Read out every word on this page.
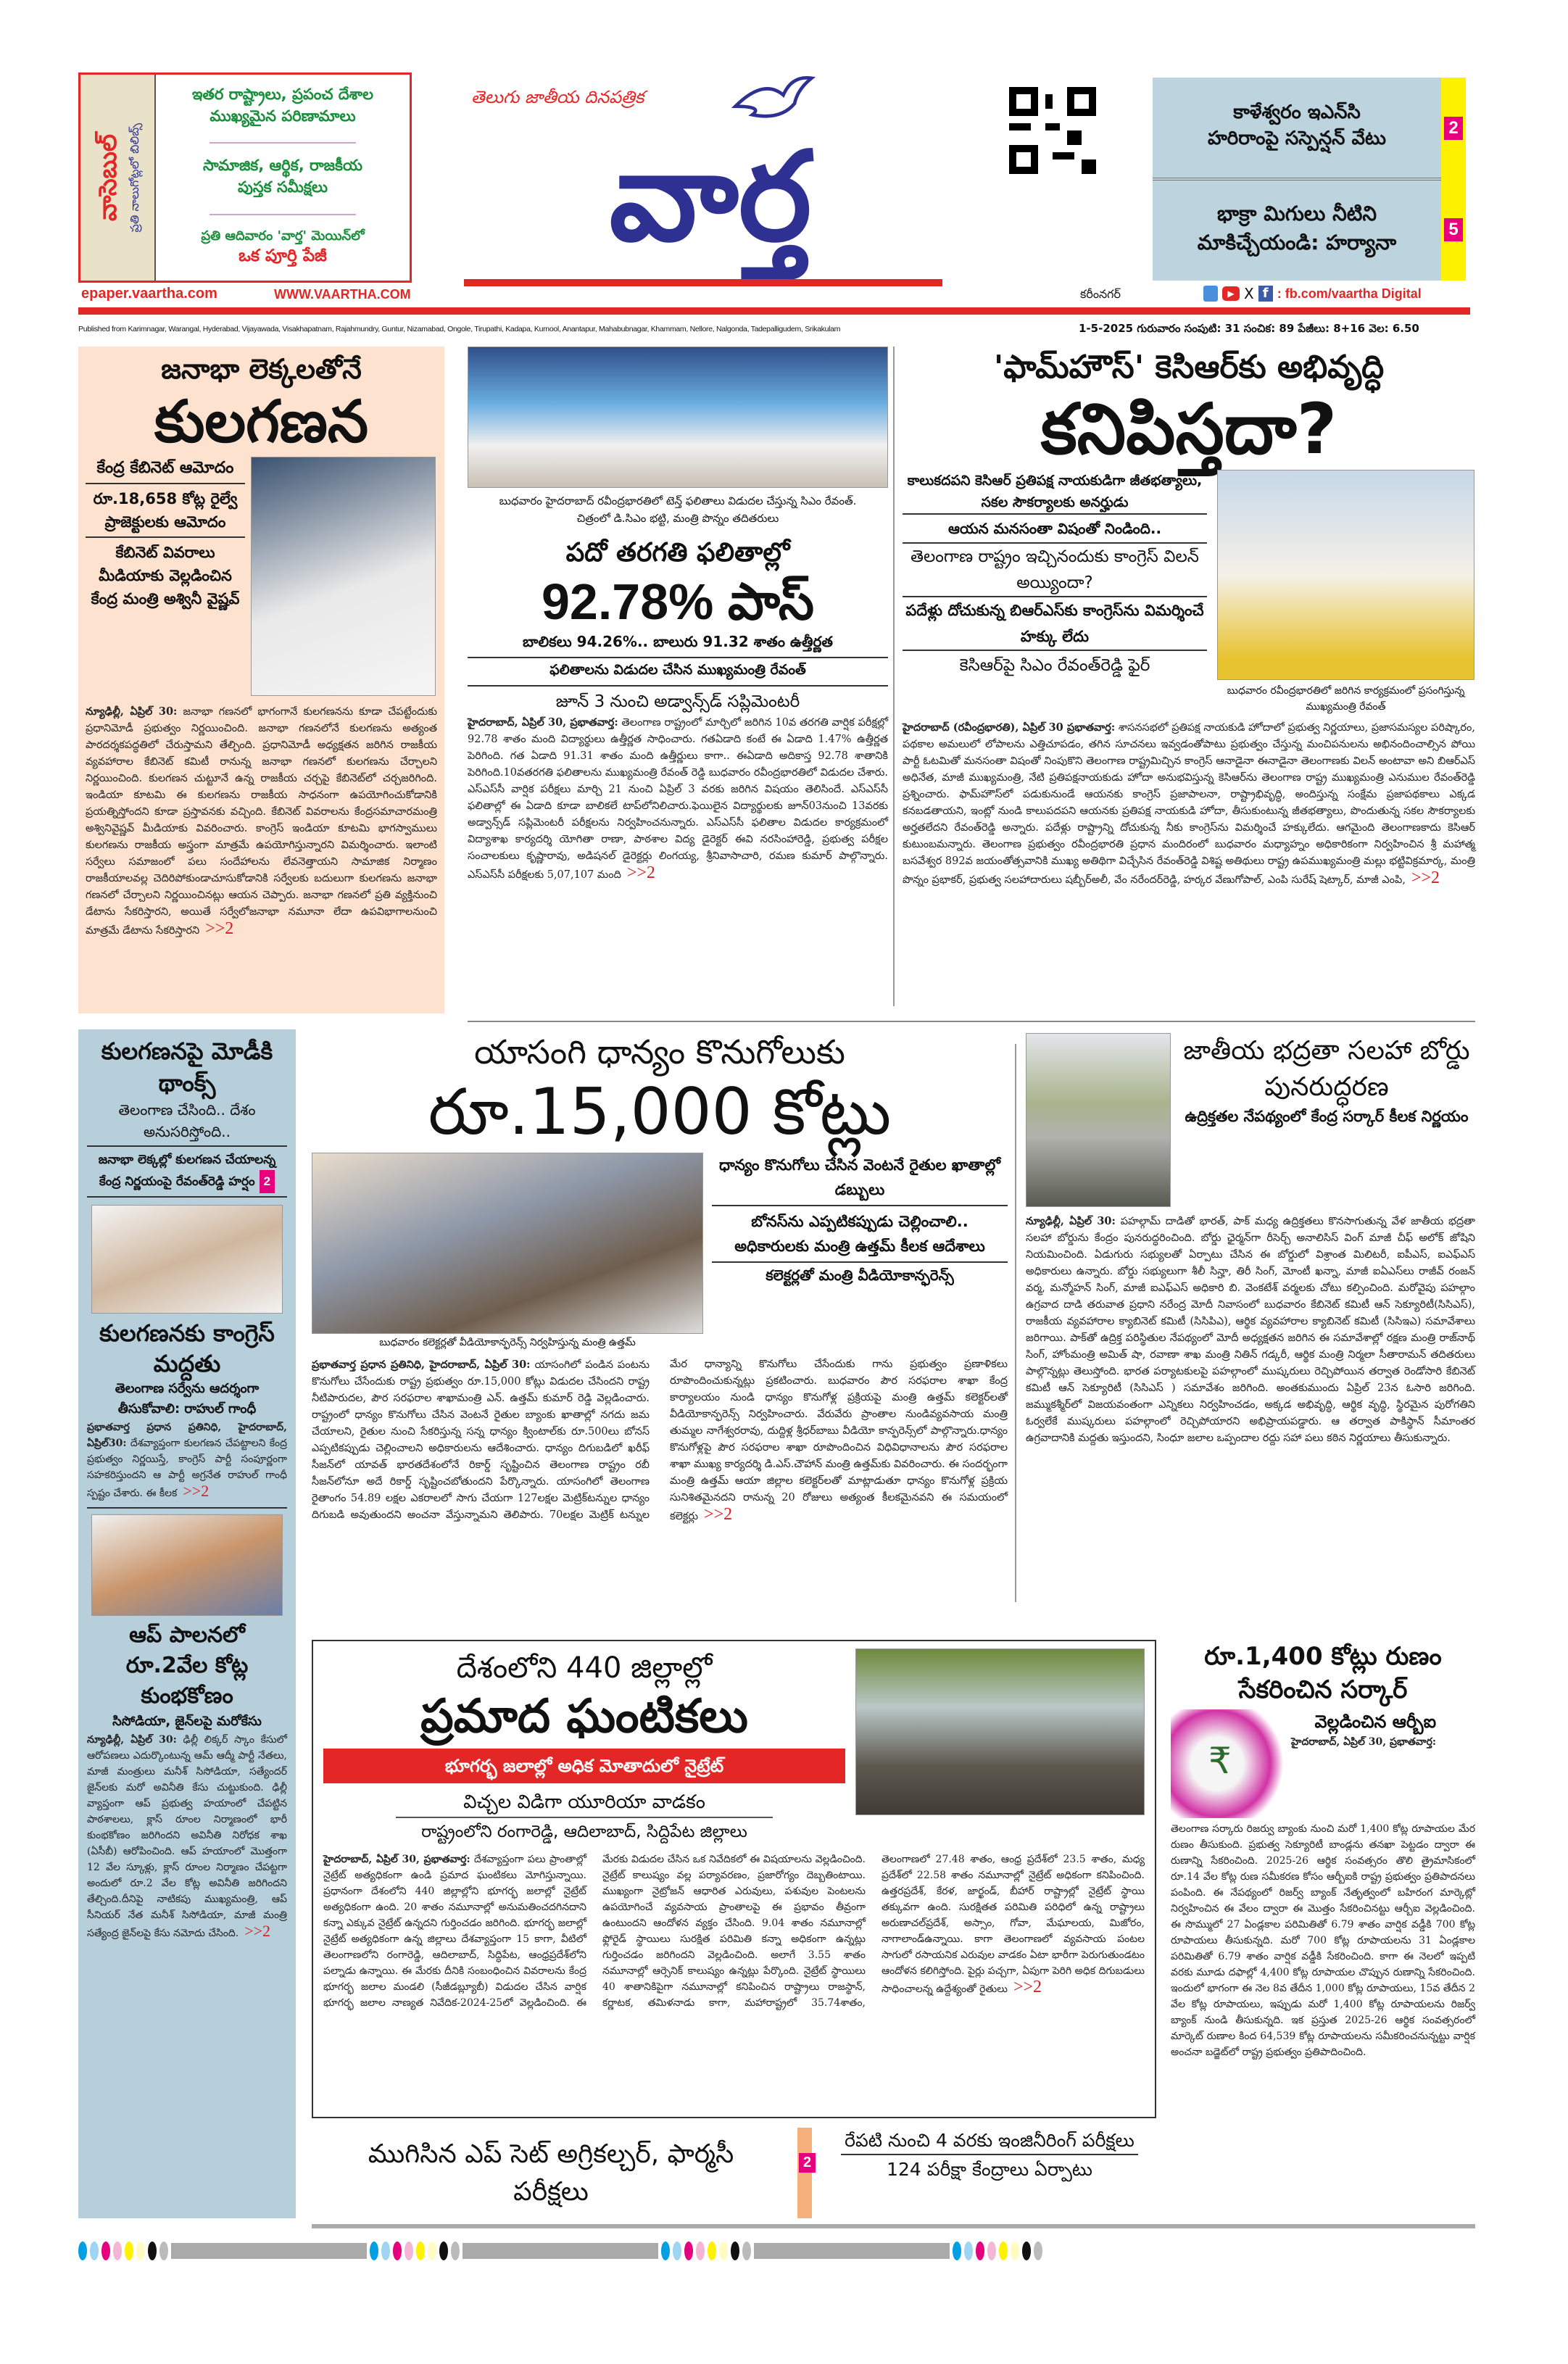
వాసెబుల్ ప్రతి నాలుగోట్లలో బిలిబ్స్
ఇతర రాష్ట్రాలు, ప్రపంచ దేశాల
ముఖ్యమైన పరిణామాలు
సామాజిక, ఆర్థిక, రాజకీయ
పుస్తక సమీక్షలు
ప్రతి ఆదివారం 'వార్త' మెయిన్‌లో
ఒక పూర్తి పేజీ
epaper.vaartha.com	WWW.VAARTHA.COM
తెలుగు జాతీయ దినపత్రిక
వార్త
కాళేశ్వరం ఇఎన్‌సి
హరిరాంపై సస్పెన్షన్ వేటు
భాక్రా మిగులు నీటిని
మాకిచ్చేయండి: హర్యానా
2
5
కరీంనగర్	▶ X f : fb.com/vaartha Digital
Published from Karimnagar, Warangal, Hyderabad, Vijayawada, Visakhapatnam, Rajahmundry, Guntur, Nizamabad, Ongole, Tirupathi, Kadapa, Kurnool, Anantapur, Mahabubnagar, Khammam, Nellore, Nalgonda, Tadepalligudem, Srikakulam	1-5-2025 గురువారం సంపుటి: 31 సంచిక: 89 పేజీలు: 8+16 వెల: 6.50
జనాభా లెక్కలతోనే
కులగణన
కేంద్ర కేబినెట్ ఆమోదం
రూ.18,658 కోట్ల రైల్వే ప్రాజెక్టులకు ఆమోదం
కేబినెట్ వివరాలు మీడియాకు వెల్లడించిన కేంద్ర మంత్రి అశ్వినీ వైష్ణవ్
న్యూఢిల్లీ, ఏప్రిల్ 30: జనాభా గణనలో భాగంగానే కులగణనను కూడా చేపట్టేందుకు ప్రధానిమోడీ ప్రభుత్వం నిర్ణయించింది. జనాభా గణనలోనే కులగణను అత్యంత పారదర్శకపద్ధతిలో చేరుస్తామని తేల్చింది. ప్రధానిమోడీ అధ్యక్షతన జరిగిన రాజకీయ వ్యవహారాల కేబినెట్ కమిటీ రానున్న జనాభా గణనలో కులగణను చేర్చాలని నిర్ణయించింది. కులగణన చుట్టూనే ఉన్న రాజకీయ చర్చపై కేబినెట్‌లో చర్చజరిగింది. ఇండియా కూటమి ఈ కులగణను రాజకీయ సాధనంగా ఉపయోగించుకోడానికి ప్రయత్నిస్తోందని కూడా ప్రస్తావనకు వచ్చింది. కేబినెట్ వివరాలను కేంద్రసమాచారమంత్రి అశ్వినివైష్ణవ్ మీడియాకు వివరించారు. కాంగ్రెస్ ఇండియా కూటమి భాగస్వాములు కులగణను రాజకీయ అస్త్రంగా మాత్రమే ఉపయోగిస్తున్నారని విమర్శించారు. ఇలాంటి సర్వేలు సమాజంలో పలు సందేహాలను లేవనెత్తాయని సామాజిక నిర్మాణం రాజకీయాలవల్ల చెదిరిపోకుండాచూసుకోడానికి సర్వేలకు బదులుగా కులగణను జనాభా గణనలో చేర్చాలని నిర్ణయించినట్లు ఆయన చెప్పారు. జనాభా గణనలో ప్రతి వ్యక్తినుంచి డేటాను సేకరిస్తారని, అయితే సర్వేలోజనాభా నమూనా లేదా ఉపవిభాగాలనుంచి మాత్రమే డేటాను సేకరిస్తారని >>2
బుధవారం హైదరాబాద్ రవీంద్రభారతిలో టెన్త్ ఫలితాలు విడుదల చేస్తున్న సిఎం రేవంత్. చిత్రంలో డి.సిఎం భట్టి, మంత్రి పొన్నం తదితరులు
పదో తరగతి ఫలితాల్లో
92.78% పాస్
బాలికలు 94.26%.. బాలురు 91.32 శాతం ఉత్తీర్ణత
ఫలితాలను విడుదల చేసిన ముఖ్యమంత్రి రేవంత్
జూన్ 3 నుంచి అడ్వాన్స్‌డ్ సప్లిమెంటరీ
హైదరాబాద్, ఏప్రిల్ 30, ప్రభాతవార్త: తెలంగాణ రాష్ట్రంలో మార్చిలో జరిగిన 10వ తరగతి వార్షిక పరీక్షల్లో 92.78 శాతం మంది విద్యార్థులు ఉత్తీర్ణత సాధించారు. గతఏడాది కంటే ఈ ఏడాది 1.47% ఉత్తీర్ణత పెరిగింది. గత ఏడాది 91.31 శాతం మంది ఉత్తీర్ణులు కాగా.. ఈఏడాది అదికాస్త 92.78 శాతానికి పెరిగింది.10వతరగతి ఫలితాలను ముఖ్యమంత్రి రేవంత్ రెడ్డి బుధవారం రవీంద్రభారతిలో విడుదల చేశారు. ఎస్ఎస్‌సీ వార్షిక పరీక్షలు మార్చి 21 నుంచి ఏప్రిల్ 3 వరకు జరిగిన విషయం తెలిసిందే. ఎస్ఎస్‌సీ ఫలితాల్లో ఈ ఏడాది కూడా బాలికలే టాప్‌లోనిలిచారు.ఫెయిలైన విద్యార్థులకు జూన్03నుంచి 13వరకు అడ్వాన్స్‌డ్ సప్లిమెంటరీ పరీక్షలను నిర్వహించనున్నారు. ఎస్ఎస్‌సీ ఫలితాల విడుదల కార్యక్రమంలో విద్యాశాఖ కార్యదర్శి యోగితా రాణా, పాఠశాల విద్య డైరెక్టర్ ఈవి నరసింహారెడ్డి, ప్రభుత్వ పరీక్షల సంచాలకులు కృష్ణారావు, అడిషనల్ డైరెక్టర్లు లింగయ్య, శ్రీనివాసాచారి, రమణ కుమార్ పాల్గొన్నారు. ఎస్ఎస్‌సీ పరీక్షలకు 5,07,107 మంది >>2
'ఫామ్‌హౌస్' కెసిఆర్‌కు అభివృద్ధి
కనిపిస్తదా?
కాలుకదపని కెసిఆర్ ప్రతిపక్ష నాయకుడిగా జీతభత్యాలు, సకల సౌకర్యాలకు అనర్హుడు
ఆయన మనసంతా విషంతో నిండింది..
తెలంగాణ రాష్ట్రం ఇచ్చినందుకు కాంగ్రెస్ విలన్ అయ్యిందా?
పదేళ్లు దోచుకున్న బిఆర్ఎస్‌కు కాంగ్రెస్‌ను విమర్శించే హక్కు లేదు
కెసిఆర్‌పై సిఎం రేవంత్‌రెడ్డి ఫైర్
బుధవారం రవీంద్రభారతిలో జరిగిన కార్యక్రమంలో ప్రసంగిస్తున్న ముఖ్యమంత్రి రేవంత్
హైదరాబాద్ (రవీంద్రభారతి), ఏప్రిల్ 30 ప్రభాతవార్త: శాసనసభలో ప్రతిపక్ష నాయకుడి హోదాలో ప్రభుత్వ నిర్ణయాలు, ప్రజాసమస్యల పరిష్కారం, పథకాల అమలులో లోపాలను ఎత్తిచూపడం, తగిన సూచనలు ఇవ్వడంతోపాటు ప్రభుత్వం చేస్తున్న మంచిపనులను అభినందించాల్సిన పోయి పార్టీ ఓటమితో మనసంతా విషంతో నింపుకొని తెలంగాణ రాష్ట్రమిచ్చిన కాంగ్రెస్ ఆనాడైనా ఈనాడైనా తెలంగాణకు విలన్ అంటావా అని బిఆర్ఎస్ అధినేత, మాజీ ముఖ్యమంత్రి, నేటి ప్రతిపక్షనాయకుడు హోదా అనుభవిస్తున్న కెసిఆర్‌ను తెలంగాణ రాష్ట్ర ముఖ్యమంత్రి ఎనుముల రేవంత్‌రెడ్డి ప్రశ్నించారు. ఫామ్‌హౌస్‌లో పడుకునుండే ఆయనకు కాంగ్రెస్ ప్రజాపాలనా, రాష్ట్రాభివృద్ధి, అందిస్తున్న సంక్షేమ ప్రజాపథకాలు ఎక్కడ కనబడతాయని, ఇంట్లో నుండి కాలుపదపని ఆయనకు ప్రతిపక్ష నాయకుడి హోదా, తీసుకుంటున్న జీతభత్యాలు, పొందుతున్న సకల సౌకర్యాలకు అర్హతలేదని రేవంత్‌రెడ్డి అన్నారు. పదేళ్లు రాష్ట్రాన్ని దోచుకున్న నీకు కాంగ్రెస్‌ను విమర్శించే హక్కులేదు. ఆగమైంది తెలంగాణకాదు కెసిఆర్ కుటుంబమన్నారు. తెలంగాణ ప్రభుత్వం రవీంద్రభారతి ప్రధాన మందిరంలో బుధవారం మధ్యాహ్నం అధికారికంగా నిర్వహించిన శ్రీ మహాత్మ బసవేశ్వర 892వ జయంతోత్సవానికి ముఖ్య అతిథిగా విచ్చేసిన రేవంత్‌రెడ్డి విశిష్ట అతిథులు రాష్ట్ర ఉపముఖ్యమంత్రి మల్లు భట్టివిక్రమార్క, మంత్రి పొన్నం ప్రభాకర్, ప్రభుత్వ సలహాదారులు షబ్బీర్‌అలీ, వేం నరేందర్‌రెడ్డి, హర్కర వేణుగోపాల్, ఎంపి సురేష్ షెట్కార్, మాజీ ఎంపి, >>2
కులగణనపై మోడీకి థాంక్స్
తెలంగాణ చేసింది.. దేశం అనుసరిస్తోంది..
జనాభా లెక్కల్లో కులగణన చేయాలన్న కేంద్ర నిర్ణయంపై రేవంత్‌రెడ్డి హర్షం 2
కులగణనకు కాంగ్రెస్ మద్దతు
తెలంగాణ సర్వేను ఆదర్శంగా తీసుకోవాలి: రాహుల్ గాంధీ
ప్రభాతవార్త ప్రధాన ప్రతినిధి, హైదరాబాద్, ఏప్రిల్30: దేశవ్యాప్తంగా కులగణన చేపట్టాలని కేంద్ర ప్రభుత్వం నిర్ణయిస్తే, కాంగ్రెస్ పార్టీ సంపూర్ణంగా సహకరిస్తుందని ఆ పార్టీ అగ్రనేత రాహుల్ గాంధీ స్పష్టం చేశారు. ఈ కీలక >>2
ఆప్ పాలనలో రూ.2వేల కోట్ల కుంభకోణం
సిసోడియా, జైన్‌లపై మరోకేసు
న్యూఢిల్లీ, ఏప్రిల్ 30: ఢిల్లీ లిక్కర్ స్కాం కేసులో ఆరోపణలు ఎదుర్కొంటున్న ఆమ్ ఆద్మీ పార్టీ నేతలు, మాజీ మంత్రులు మనీశ్ సిసోడియా, సత్యేందర్ జైన్‌లకు మరో అవినీతి కేసు చుట్టుకుంది. ఢిల్లీ వ్యాప్తంగా ఆప్ ప్రభుత్వ హయాంలో చేపట్టిన పాఠశాలలు, క్లాస్ రూంల నిర్మాణంలో భారీ కుంభకోణం జరిగిందని అవినీతి నిరోధక శాఖ (ఏసీబీ) ఆరోపించింది. ఆప్ హయాంలో మొత్తంగా 12 వేల స్కూళ్లు, క్లాస్ రూంల నిర్మాణం చేపట్టగా అందులో రూ.2 వేల కోట్ల అవినీతి జరిగిందని తేల్చింది.దీనిపై నాటికపు ముఖ్యమంత్రి, ఆప్ సీనియర్ నేత మనీశ్ సిసోడియా, మాజీ మంత్రి సత్యేంద్ర జైన్‌లపై కేసు నమోదు చేసింది. >>2
యాసంగి ధాన్యం కొనుగోలుకు
రూ.15,000 కోట్లు
బుధవారం కలెక్టర్లతో వీడియోకాన్ఫరెన్స్ నిర్వహిస్తున్న మంత్రి ఉత్తమ్
ధాన్యం కొనుగోలు చేసిన వెంటనే రైతుల ఖాతాల్లో డబ్బులు
బోనస్‌ను ఎప్పటికప్పుడు చెల్లించాలి.. అధికారులకు మంత్రి ఉత్తమ్ కీలక ఆదేశాలు
కలెక్టర్లతో మంత్రి వీడియోకాన్ఫరెన్స్
ప్రభాతవార్త ప్రధాన ప్రతినిధి, హైదరాబాద్, ఏప్రిల్ 30: యాసంగిలో పండిన పంటను కొనుగోలు చేసేందుకు రాష్ట్ర ప్రభుత్వం రూ.15,000 కోట్లు విడుదల చేసిందని రాష్ట్ర నీటిపారుదల, పౌర సరఫరాల శాఖామంత్రి ఎన్. ఉత్తమ్ కుమార్ రెడ్డి వెల్లడించారు. రాష్ట్రంలో ధాన్యం కొనుగోలు చేసిన వెంటనే రైతుల బ్యాంకు ఖాతాల్లో నగదు జమ చేయాలని, రైతుల నుంచి సేకరిస్తున్న సన్న ధాన్యం క్వింటాల్‌కు రూ.500లు బోనస్ ఎప్పటికప్పుడు చెల్లించాలని అధికారులను ఆదేశించారు. ధాన్యం దిగుబడిలో ఖరీఫ్ సీజన్‌లో యావత్ భారతదేశంలోనే రికార్డ్ సృష్టించిన తెలంగాణ రాష్ట్రం రబీ సీజన్‌లోనూ అదే రికార్డ్ సృష్టించబోతుందని పేర్కొన్నారు. యాసంగిలో తెలంగాణ రైతాంగం 54.89 లక్షల ఎకరాలలో సాగు చేయగా 127లక్షల మెట్రిక్‌టన్నుల ధాన్యం దిగుబడి అవుతుందని అంచనా వేస్తున్నామని తెలిపారు. 70లక్షల మెట్రిక్ టన్నుల మేర ధాన్యాన్ని కొనుగోలు చేసేందుకు గాను ప్రభుత్వం ప్రణాళికలు రూపొందించుకున్నట్లు ప్రకటించారు. బుధవారం పౌర సరఫరాల శాఖా కేంద్ర కార్యాలయం నుండి ధాన్యం కొనుగోళ్ల ప్రక్రియపై మంత్రి ఉత్తమ్ కలెక్టర్‌లతో వీడియోకాన్ఫరెన్స్ నిర్వహించారు. వేరువేరు ప్రాంతాల నుండివ్యవసాయ మంత్రి తుమ్మల నాగేశ్వరరావు, దుద్దిళ్ల శ్రీధర్‌బాబు వీడియో కాన్ఫరెన్స్‌లో పాల్గొన్నారు.ధాన్యం కొనుగోళ్లపై పౌర సరఫరాల శాఖా రూపొందించిన విధివిధానాలను పౌర సరఫరాల శాఖా ముఖ్య కార్యదర్శి డి.ఎస్.చౌహాన్ మంత్రి ఉత్తమ్‌కు వివరించారు. ఈ సందర్భంగా మంత్రి ఉత్తమ్ ఆయా జిల్లాల కలెక్టర్‌లతో మాట్లాడుతూ ధాన్యం కొనుగోళ్ల ప్రక్రియ సునిశితమైనదని రానున్న 20 రోజులు అత్యంత కీలకమైనవని ఈ సమయంలో కలెక్టర్లు >>2
జాతీయ భద్రతా సలహా బోర్డు పునరుద్ధరణ
ఉద్రిక్తతల నేపథ్యంలో కేంద్ర సర్కార్ కీలక నిర్ణయం
న్యూఢిల్లీ, ఏప్రిల్ 30: పహల్గామ్ దాడితో భారత్, పాక్ మధ్య ఉద్రిక్తతలు కొనసాగుతున్న వేళ జాతీయ భద్రతా సలహా బోర్డును కేంద్రం పునరుద్ధరించింది. బోర్డు ఛైర్మన్‌గా రీసెర్చ్ అనాలిసిస్ వింగ్ మాజీ చీఫ్ అలోక్ జోషిని నియమించింది. ఏడుగురు సభ్యులతో ఏర్పాటు చేసిన ఈ బోర్డులో విశ్రాంత మిలిటరీ, ఐపీఎస్, ఐఎఫ్ఎస్ అధికారులు ఉన్నారు. బోర్డు సభ్యులుగా శీలీ సిన్హా, తిరీ సింగ్, మోంటీ ఖన్నా, మాజీ ఐఏఎస్‌లు రాజీవ్ రంజన్ వర్మ, మన్మోహన్ సింగ్, మాజీ ఐఎఫ్ఎస్ అధికారి బి. వెంకటేశ్ వర్మలకు చోటు కల్పించింది. మరోవైపు పహల్గాం ఉగ్రవాద దాడి తరువాత ప్రధాని నరేంద్ర మోదీ నివాసంలో బుధవారం కేబినెట్ కమిటీ ఆన్ సెక్యూరిటీ(సిసిఎస్), రాజకీయ వ్యవహారాల క్యాబినెట్ కమిటీ (సిసిపిఎ), ఆర్థిక వ్యవహారాల క్యాబినెట్ కమిటీ (సిసిఇఎ) సమావేశాలు జరిగాయి. పాక్‌తో ఉద్రిక్త పరిస్థితుల నేపథ్యంలో మోదీ అధ్యక్షతన జరిగిన ఈ సమావేశాల్లో రక్షణ మంత్రి రాజ్‌నాథ్ సింగ్, హోంమంత్రి అమిత్ షా, రవాణా శాఖ మంత్రి నితిన్ గడ్కరీ, ఆర్థిక మంత్రి నిర్మలా సీతారామన్ తదితరులు పాల్గొన్నట్లు తెలుస్తోంది. భారత పర్యాటకులపై పహల్గాంలో ముష్కరులు రెచ్చిపోయిన తర్వాత రెండోసారి కేబినెట్ కమిటీ ఆన్ సెక్యూరిటీ (సిసిఎస్ ) సమావేశం జరిగింది. అంతకుముందు ఏప్రిల్ 23న ఓసారి జరిగింది. జమ్ముకశ్మీర్‌లో విజయవంతంగా ఎన్నికలు నిర్వహించడం, అక్కడ అభివృద్ధి, ఆర్థిక వృద్ధి, స్థిరమైన పురోగతిని ఓర్వలేకే ముష్కరులు పహల్గాంలో రెచ్చిపోయారని అభిప్రాయపడ్డారు. ఆ తర్వాత పాకిస్థాన్ సీమాంతర ఉగ్రవాదానికి మద్దతు ఇస్తుందని, సింధూ జలాల ఒప్పందాల రద్దు సహా పలు కఠిన నిర్ణయాలు తీసుకున్నారు.
దేశంలోని 440 జిల్లాల్లో
ప్రమాద ఘంటికలు
భూగర్భ జలాల్లో అధిక మోతాదులో నైట్రేట్
విచ్చల విడిగా యూరియా వాడకం
రాష్ట్రంలోని రంగారెడ్డి, ఆదిలాబాద్, సిద్దిపేట జిల్లాలు
హైదరాబాద్, ఏప్రిల్ 30, ప్రభాతవార్త: దేశవ్యాప్తంగా పలు ప్రాంతాల్లో నైట్రేట్ అత్యధికంగా ఉండి ప్రమాద ఘంటికలు మోగిస్తున్నాయి. ప్రధానంగా దేశంలోని 440 జిల్లాల్లోని భూగర్భ జలాల్లో నైట్రేట్ అత్యధికంగా ఉంది. 20 శాతం నమూనాల్లో అనుమతించదగినదాని కన్నా ఎక్కువ నైట్రేట్ ఉన్నదని గుర్తించడం జరిగింది. భూగర్భ జలాల్లో నైట్రేట్ అత్యధికంగా ఉన్న జిల్లాలు దేశవ్యాప్తంగా 15 కాగా, వీటిలో తెలంగాణలోని రంగారెడ్డి, ఆదిలాబాద్, సిద్ధిపేట, ఆంధ్రప్రదేశ్‌లోని పల్నాడు ఉన్నాయి. ఈ మేరకు దీనికి సంబంధించిన వివరాలను కేంద్ర భూగర్భ జలాల మండలి (సీజీడబ్ల్యూబీ) విడుదల చేసిన వార్షిక భూగర్భ జలాల నాణ్యత నివేదిక-2024-25లో వెల్లడించింది. ఈ మేరకు విడుదల చేసిన ఒక నివేదికలో ఈ విషయాలను వెల్లడించింది. నైట్రేట్ కాలుష్యం వల్ల పర్యావరణం, ప్రజారోగ్యం దెబ్బతింటాయి. ముఖ్యంగా నైట్రోజన్ ఆధారిత ఎరువులు, పశువుల పెంటలను ఉపయోగించే వ్యవసాయ ప్రాంతాలపై ఈ ప్రభావం తీవ్రంగా ఉంటుందని ఆందోళన వ్యక్తం చేసింది. 9.04 శాతం నమూనాల్లో ఫ్లోరైడ్ స్థాయిలు సురక్షిత పరిమితి కన్నా అధికంగా ఉన్నట్లు గుర్తించడం జరిగిందని వెల్లడించింది. అలాగే 3.55 శాతం నమూనాల్లో ఆర్సెనిక్ కాలుష్యం ఉన్నట్లు పేర్కొంది. నైట్రేట్ స్థాయిలు 40 శాతానికిపైగా నమూనాల్లో కనిపించిన రాష్ట్రాలు రాజస్థాన్, కర్ణాటక, తమిళనాడు కాగా, మహారాష్ట్రలో 35.74శాతం, తెలంగాణలో 27.48 శాతం, ఆంధ్ర ప్రదేశ్‌లో 23.5 శాతం, మధ్య ప్రదేశ్‌లో 22.58 శాతం నమూనాల్లో నైట్రేట్ అధికంగా కనిపించింది. ఉత్తరప్రదేశ్, కేరళ, జార్ఖండ్, బీహార్ రాష్ట్రాల్లో నైట్రేట్ స్థాయి తక్కువగా ఉంది. సురక్షితత పరిమితి పరిధిలో ఉన్న రాష్ట్రాలు అరుణాచల్‌ప్రదేశ్, అస్సాం, గోవా, మేఘాలయ, మిజోరం, నాగాలాండ్‌ఉన్నాయి. కాగా తెలంగాణలో వ్యవసాయ పంటల సాగులో రసాయనిక ఎరువుల వాడకం ఏటా భారీగా పెరుగుతుండటం ఆందోళన కలిగిస్తోంది. పైర్లు పచ్చగా, ఏపుగా పెరిగి అధిక దిగుబడులు సాధించాలన్న ఉద్దేశ్యంతో రైతులు >>2
రూ.1,400 కోట్లు రుణం సేకరించిన సర్కార్
₹
వెల్లడించిన ఆర్బీఐ
హైదరాబాద్, ఏప్రిల్ 30, ప్రభాతవార్త:
తెలంగాణ సర్కారు రిజర్వు బ్యాంకు నుంచి మరో 1,400 కోట్ల రూపాయల మేర రుణం తీసుకుంది. ప్రభుత్వ సెక్యూరిటీ బాండ్లను తనఖా పెట్టడం ద్వారా ఈ రుణాన్ని సేకరించింది. 2025-26 ఆర్థిక సంవత్సరం తొలి త్రైమాసికంలో రూ.14 వేల కోట్ల రుణ సమీకరణ కోసం ఆర్బీఐకి రాష్ట్ర ప్రభుత్వం ప్రతిపాదనలు పంపింది. ఈ నేపథ్యంలో రిజర్వ్ బ్యాంక్ నేతృత్వంలో బహిరంగ మార్కెట్లో నిర్వహించిన ఈ వేలం ద్వారా ఈ మొత్తం సేకరించినట్టు ఆర్బీఐ వెల్లడించింది. ఈ సొమ్ములో 27 ఏండ్లకాల పరిమితితో 6.79 శాతం వార్షిక వడ్డీకి 700 కోట్ల రూపాయలు తీసుకున్నది. మరో 700 కోట్ల రూపాయలను 31 ఏండ్లకాల పరిమితితో 6.79 శాతం వార్షిక వడ్డీకి సేకరించింది. కాగా ఈ నెలలో ఇప్పటి వరకు మూడు దఫాల్లో 4,400 కోట్ల రూపాయల చొప్పున రుణాన్ని సేకరించింది. ఇందులో భాగంగా ఈ నెల 8వ తేదీన 1,000 కోట్ల రూపాయలు, 15వ తేదీన 2 వేల కోట్ల రూపాయలు, ఇప్పుడు మరో 1,400 కోట్ల రూపాయలను రిజర్వ్ బ్యాంక్ నుండి తీసుకున్నది. ఇక ప్రస్తుత 2025-26 ఆర్థిక సంవత్సరంలో మార్కెట్ రుణాల కింద 64,539 కోట్ల రూపాయలను సమీకరించనున్నట్టు వార్షిక అంచనా బడ్జెట్‌లో రాష్ట్ర ప్రభుత్వం ప్రతిపాదించింది.
ముగిసిన ఎప్ సెట్ అగ్రికల్చర్, ఫార్మసీ పరీక్షలు
2
రేపటి నుంచి 4 వరకు ఇంజినీరింగ్ పరీక్షలు
124 పరీక్షా కేంద్రాలు ఏర్పాటు
